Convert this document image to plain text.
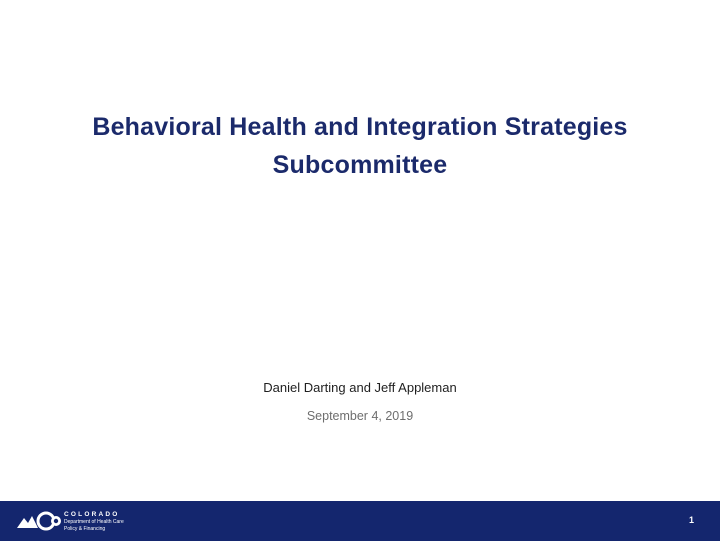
Behavioral Health and Integration Strategies
Subcommittee
Daniel Darting and Jeff Appleman
September 4, 2019
COLORADO
Department of Health Care
Policy & Financing
1
